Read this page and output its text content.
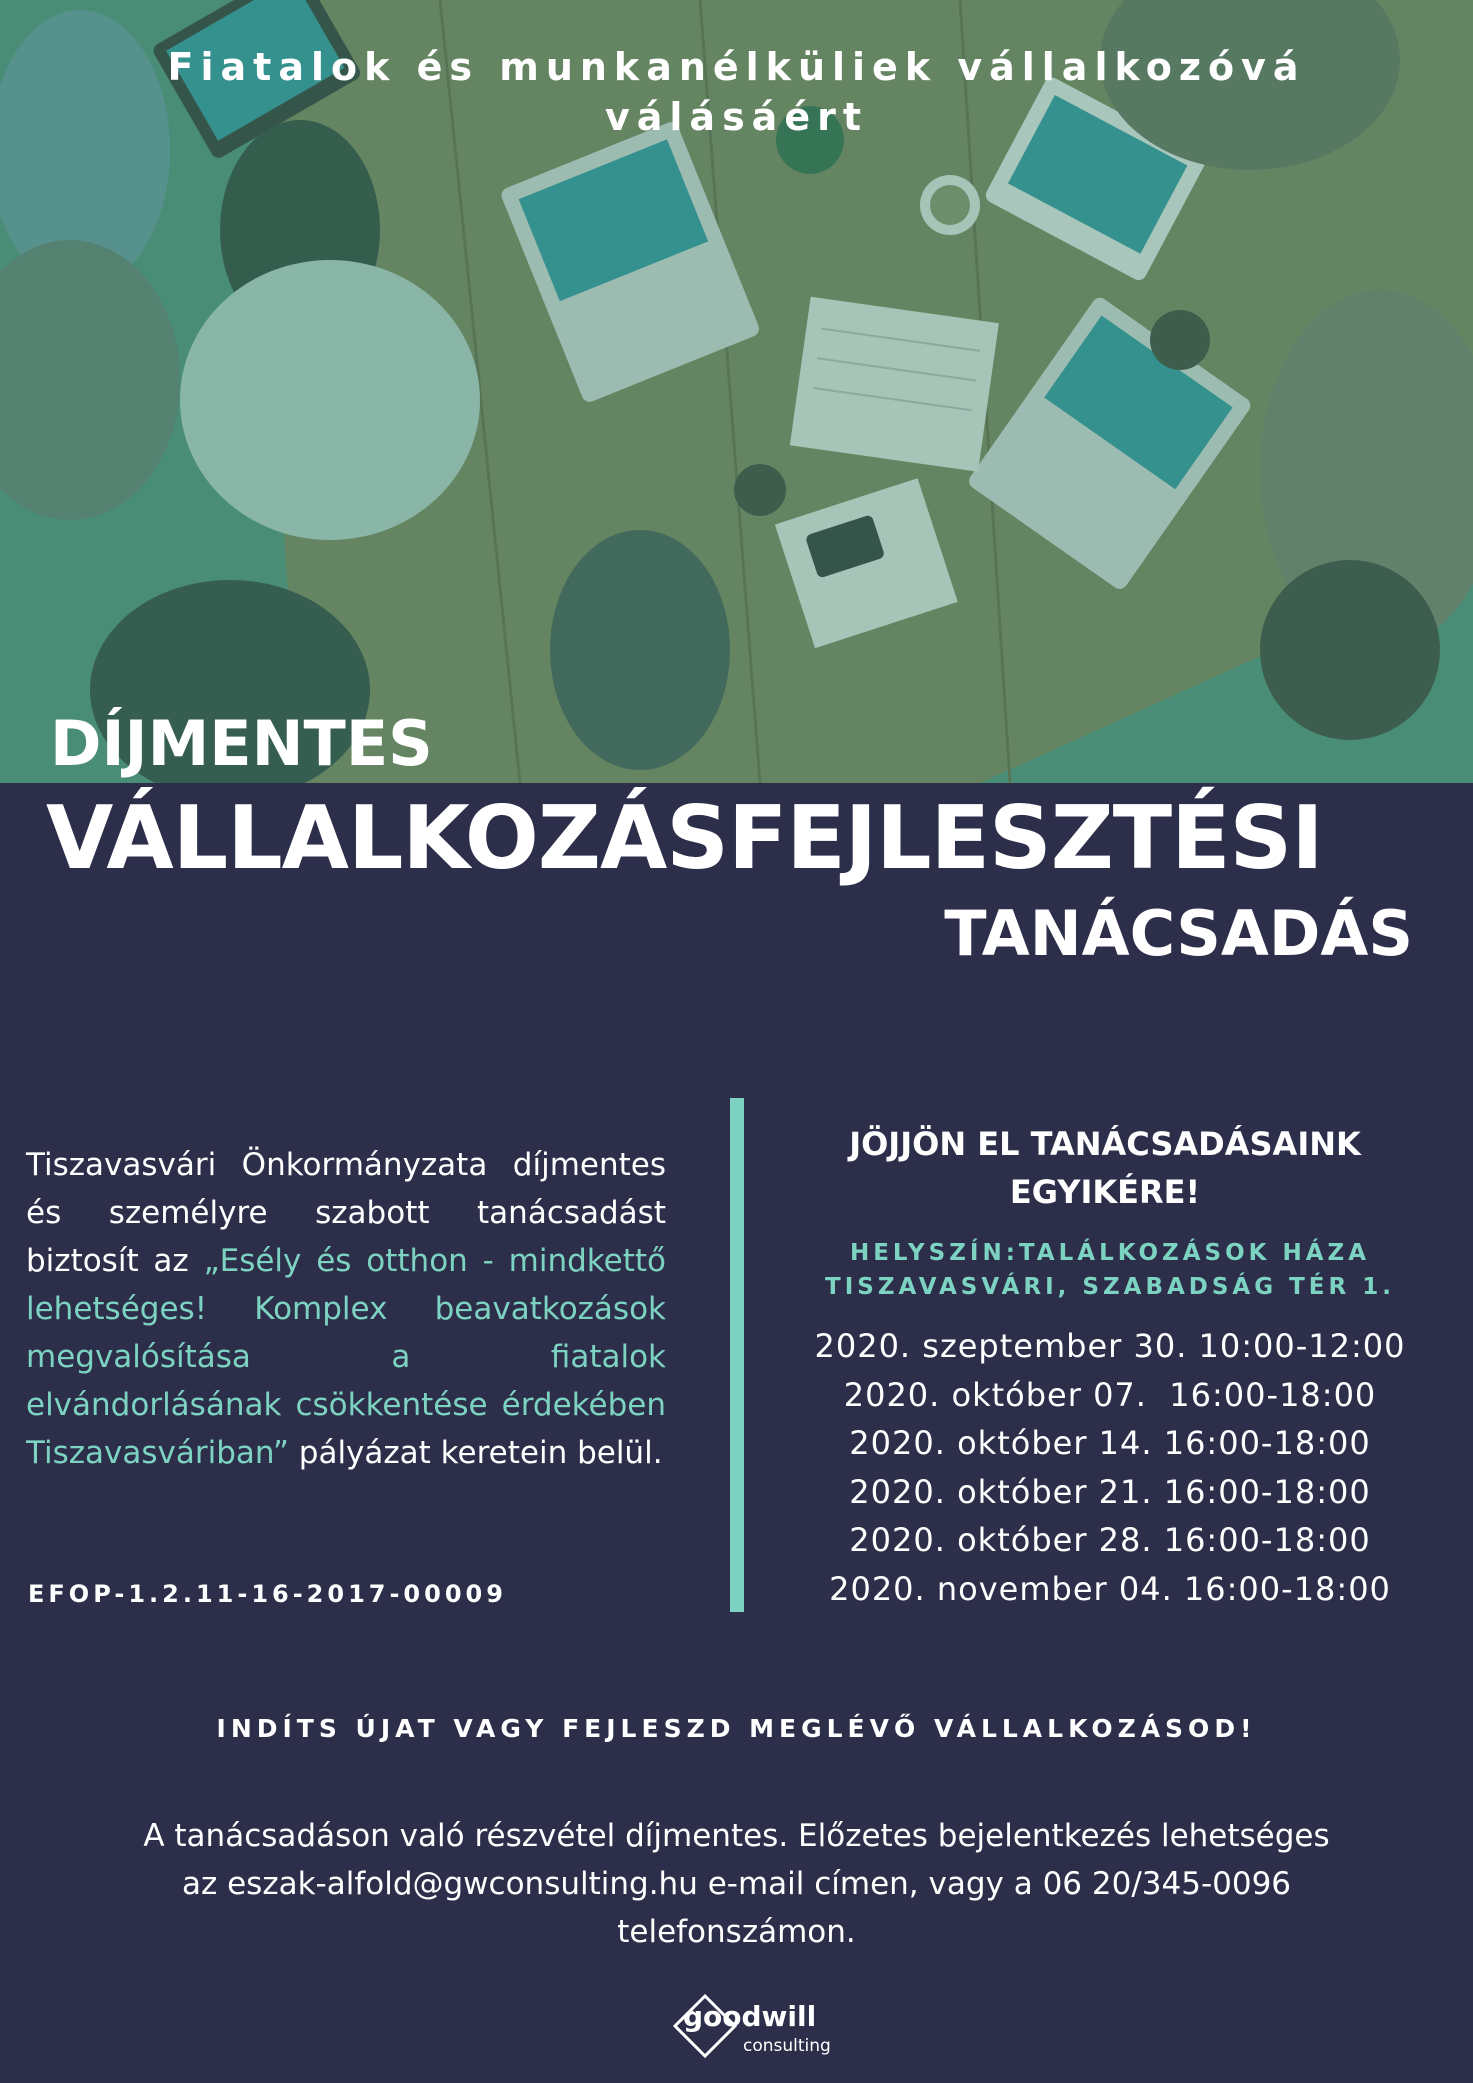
Fiatalok és munkanélküliek vállalkozóvá válásáért
DÍJMENTES
VÁLLALKOZÁSFEJLESZTÉSI
TANÁCSADÁS

Tiszavasvári Önkormányzata díjmentes és személyre szabott tanácsadást biztosít az „Esély és otthon - mindkettő lehetséges! Komplex beavatkozások megvalósítása a fiatalok elvándorlásának csökkentése érdekében Tiszavasváriban” pályázat keretein belül.

EFOP-1.2.11-16-2017-00009
JÖJJÖN EL TANÁCSADÁSAINK EGYIKÉRE!
HELYSZÍN:TALÁLKOZÁSOK HÁZA
TISZAVASVÁRI, SZABADSÁG TÉR 1.
2020. szeptember 30. 10:00-12:00
2020. október 07.  16:00-18:00
2020. október 14. 16:00-18:00
2020. október 21. 16:00-18:00
2020. október 28. 16:00-18:00
2020. november 04. 16:00-18:00
INDÍTS ÚJAT VAGY FEJLESZD MEGLÉVŐ VÁLLALKOZÁSOD!
A tanácsadáson való részvétel díjmentes. Előzetes bejelentkezés lehetséges
az eszak-alfold@gwconsulting.hu e-mail címen, vagy a 06 20/345-0096
telefonszámon.
goodwill
consulting
